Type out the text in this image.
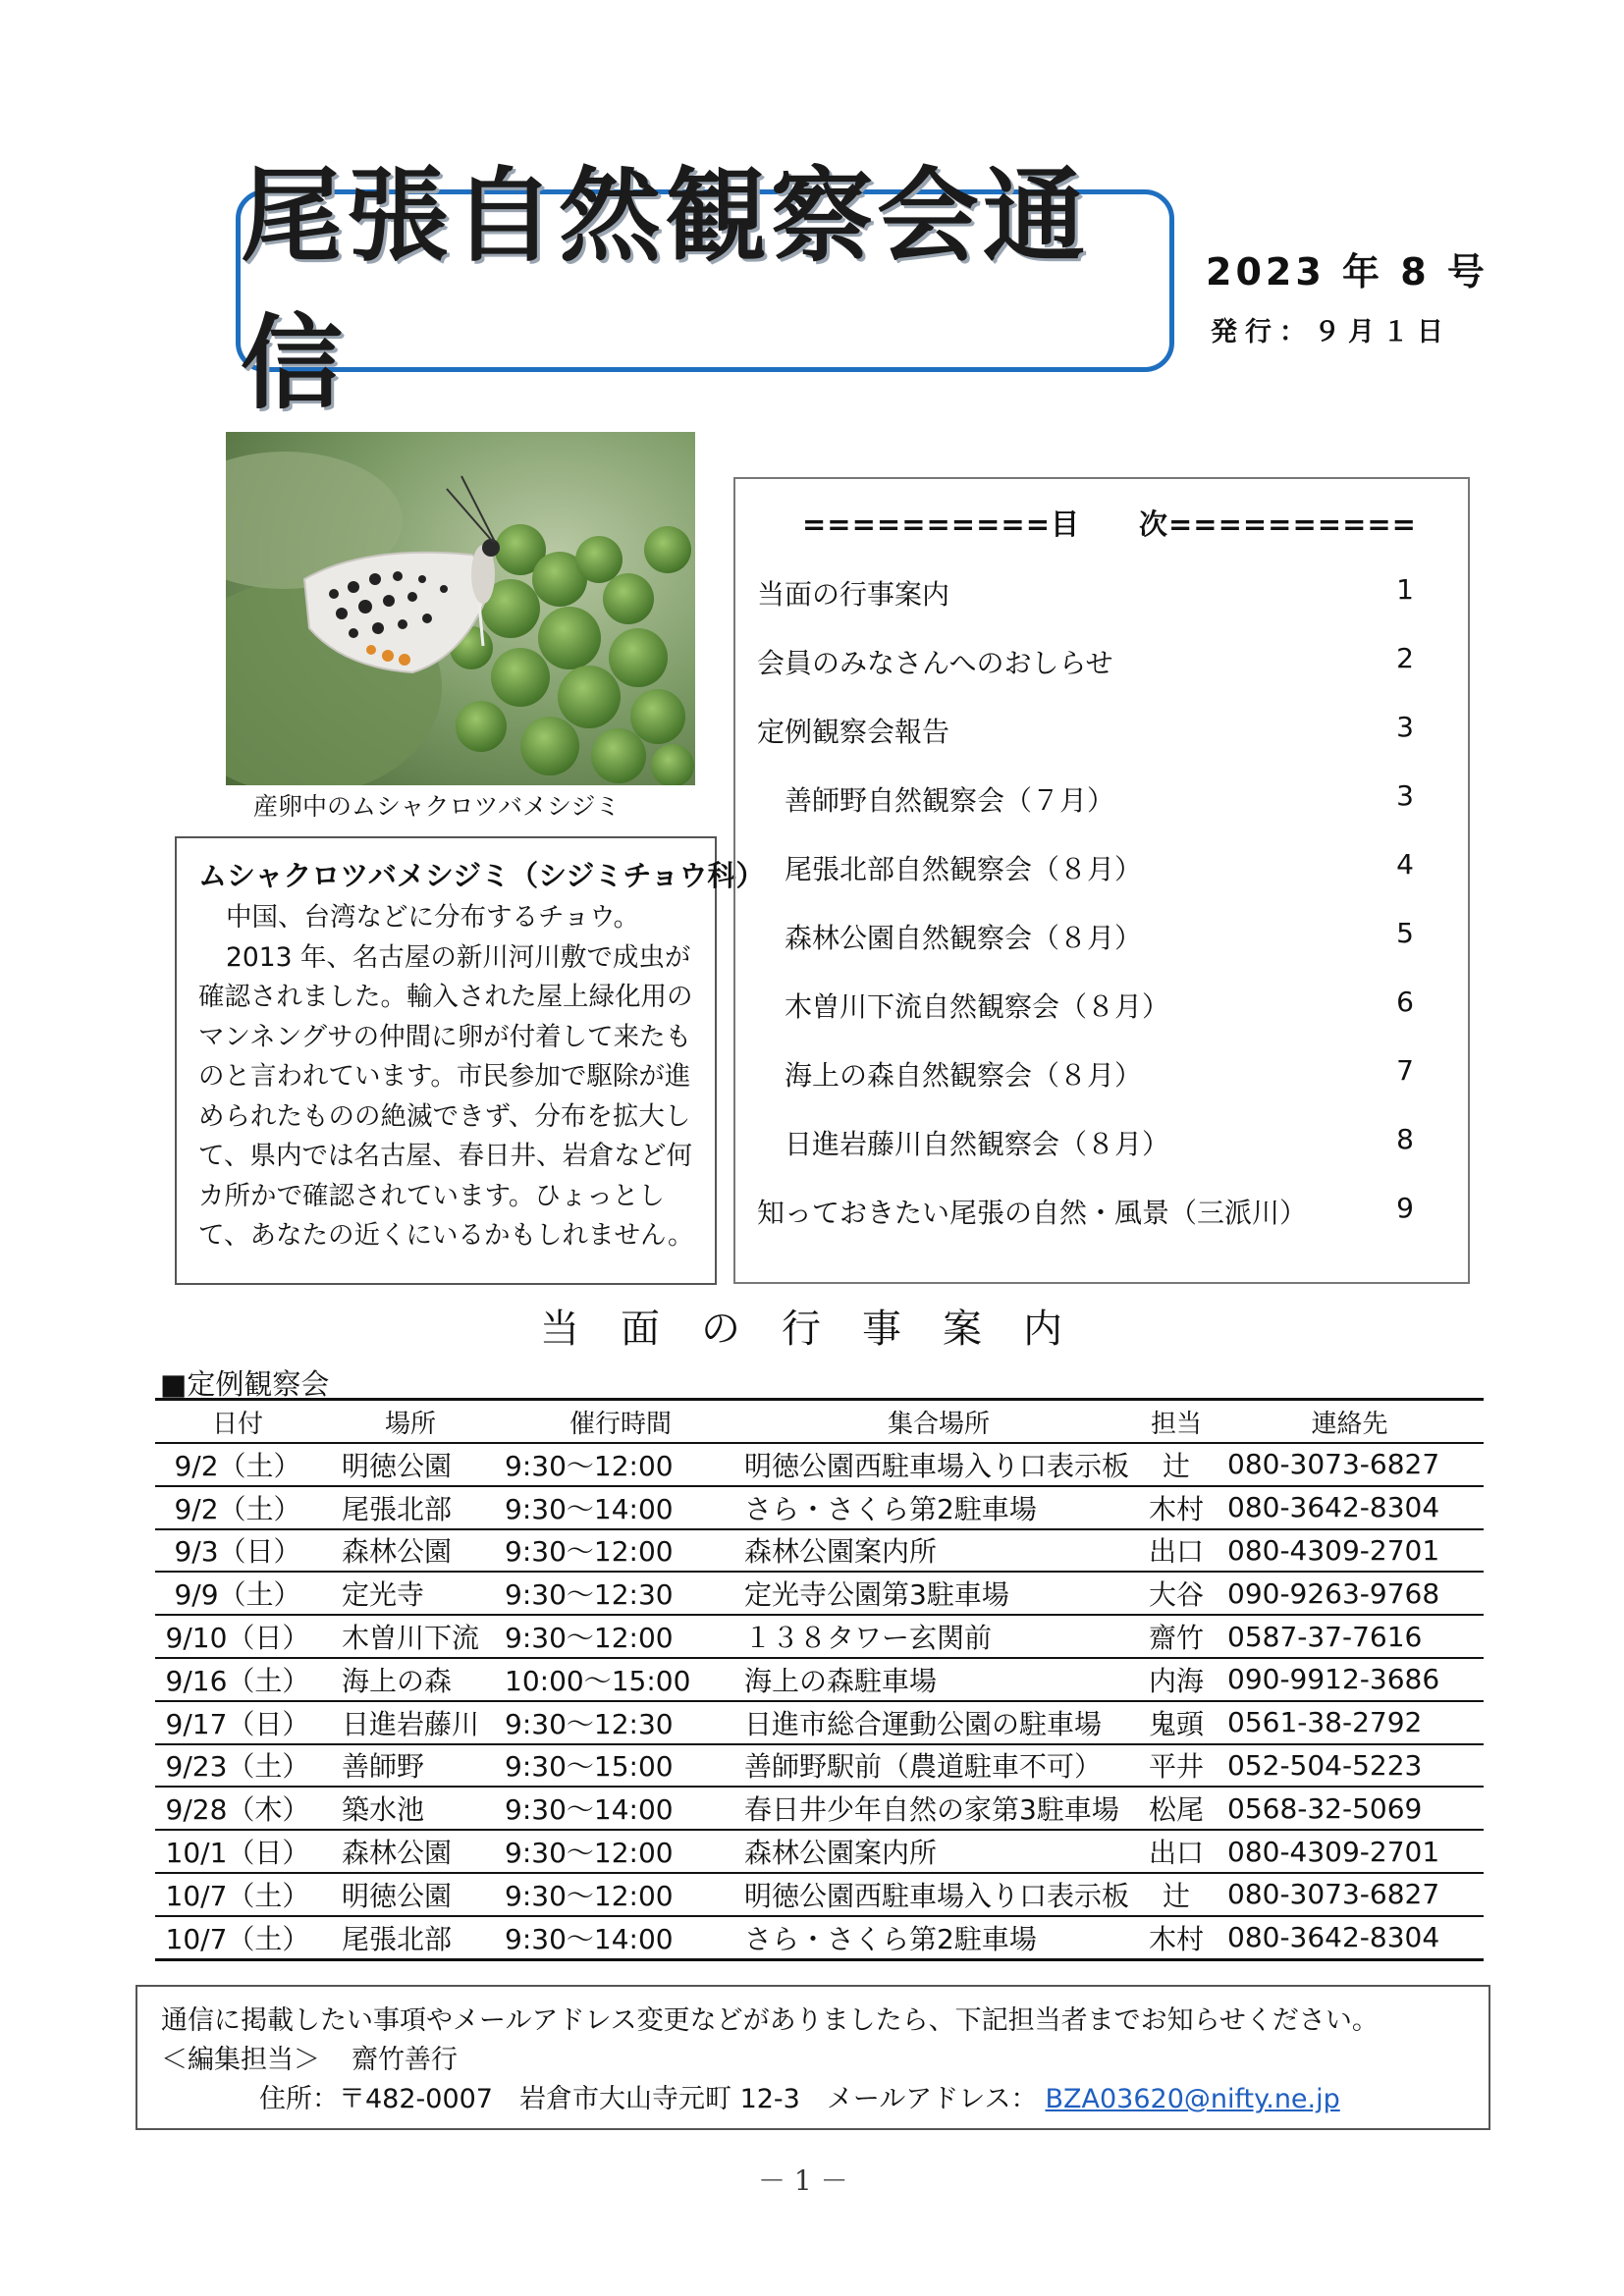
尾張自然観察会通信
2023 年 8 号
発行：９月１日
産卵中のムシャクロツバメシジミ
ムシャクロツバメシジミ（シジミチョウ科）

中国、台湾などに分布するチョウ。

2013 年、名古屋の新川河川敷で成虫が確認されました。輸入された屋上緑化用のマンネングサの仲間に卵が付着して来たものと言われています。市民参加で駆除が進められたものの絶滅できず、分布を拡大して、県内では名古屋、春日井、岩倉など何カ所かで確認されています。ひょっとして、あなたの近くにいるかもしれません。

==========目　　次==========
当面の行事案内	1
会員のみなさんへのおしらせ	2
定例観察会報告	3
善師野自然観察会（７月）	3
尾張北部自然観察会（８月）	4
森林公園自然観察会（８月）	5
木曽川下流自然観察会（８月）	6
海上の森自然観察会（８月）	7
日進岩藤川自然観察会（８月）	8
知っておきたい尾張の自然・風景（三派川）	9
当面の行事案内
■定例観察会
日付	場所	催行時間	集合場所	担当	連絡先
9/2（土）	明徳公園	9:30～12:00	明徳公園西駐車場入り口表示板	辻	080-3073-6827
9/2（土）	尾張北部	9:30～14:00	さら・さくら第2駐車場	木村	080-3642-8304
9/3（日）	森林公園	9:30～12:00	森林公園案内所	出口	080-4309-2701
9/9（土）	定光寺	9:30～12:30	定光寺公園第3駐車場	大谷	090-9263-9768
9/10（日）	木曽川下流	9:30～12:00	１３８タワー玄関前	齋竹	0587-37-7616
9/16（土）	海上の森	10:00～15:00	海上の森駐車場	内海	090-9912-3686
9/17（日）	日進岩藤川	9:30～12:30	日進市総合運動公園の駐車場	鬼頭	0561-38-2792
9/23（土）	善師野	9:30～15:00	善師野駅前（農道駐車不可）	平井	052-504-5223
9/28（木）	築水池	9:30～14:00	春日井少年自然の家第3駐車場	松尾	0568-32-5069
10/1（日）	森林公園	9:30～12:00	森林公園案内所	出口	080-4309-2701
10/7（土）	明徳公園	9:30～12:00	明徳公園西駐車場入り口表示板	辻	080-3073-6827
10/7（土）	尾張北部	9:30～14:00	さら・さくら第2駐車場	木村	080-3642-8304
通信に掲載したい事項やメールアドレス変更などがありましたら、下記担当者までお知らせください。
＜編集担当＞ 齋竹善行
住所：〒482-0007　岩倉市大山寺元町 12-3　メールアドレス： BZA03620@nifty.ne.jp
－ 1 －
